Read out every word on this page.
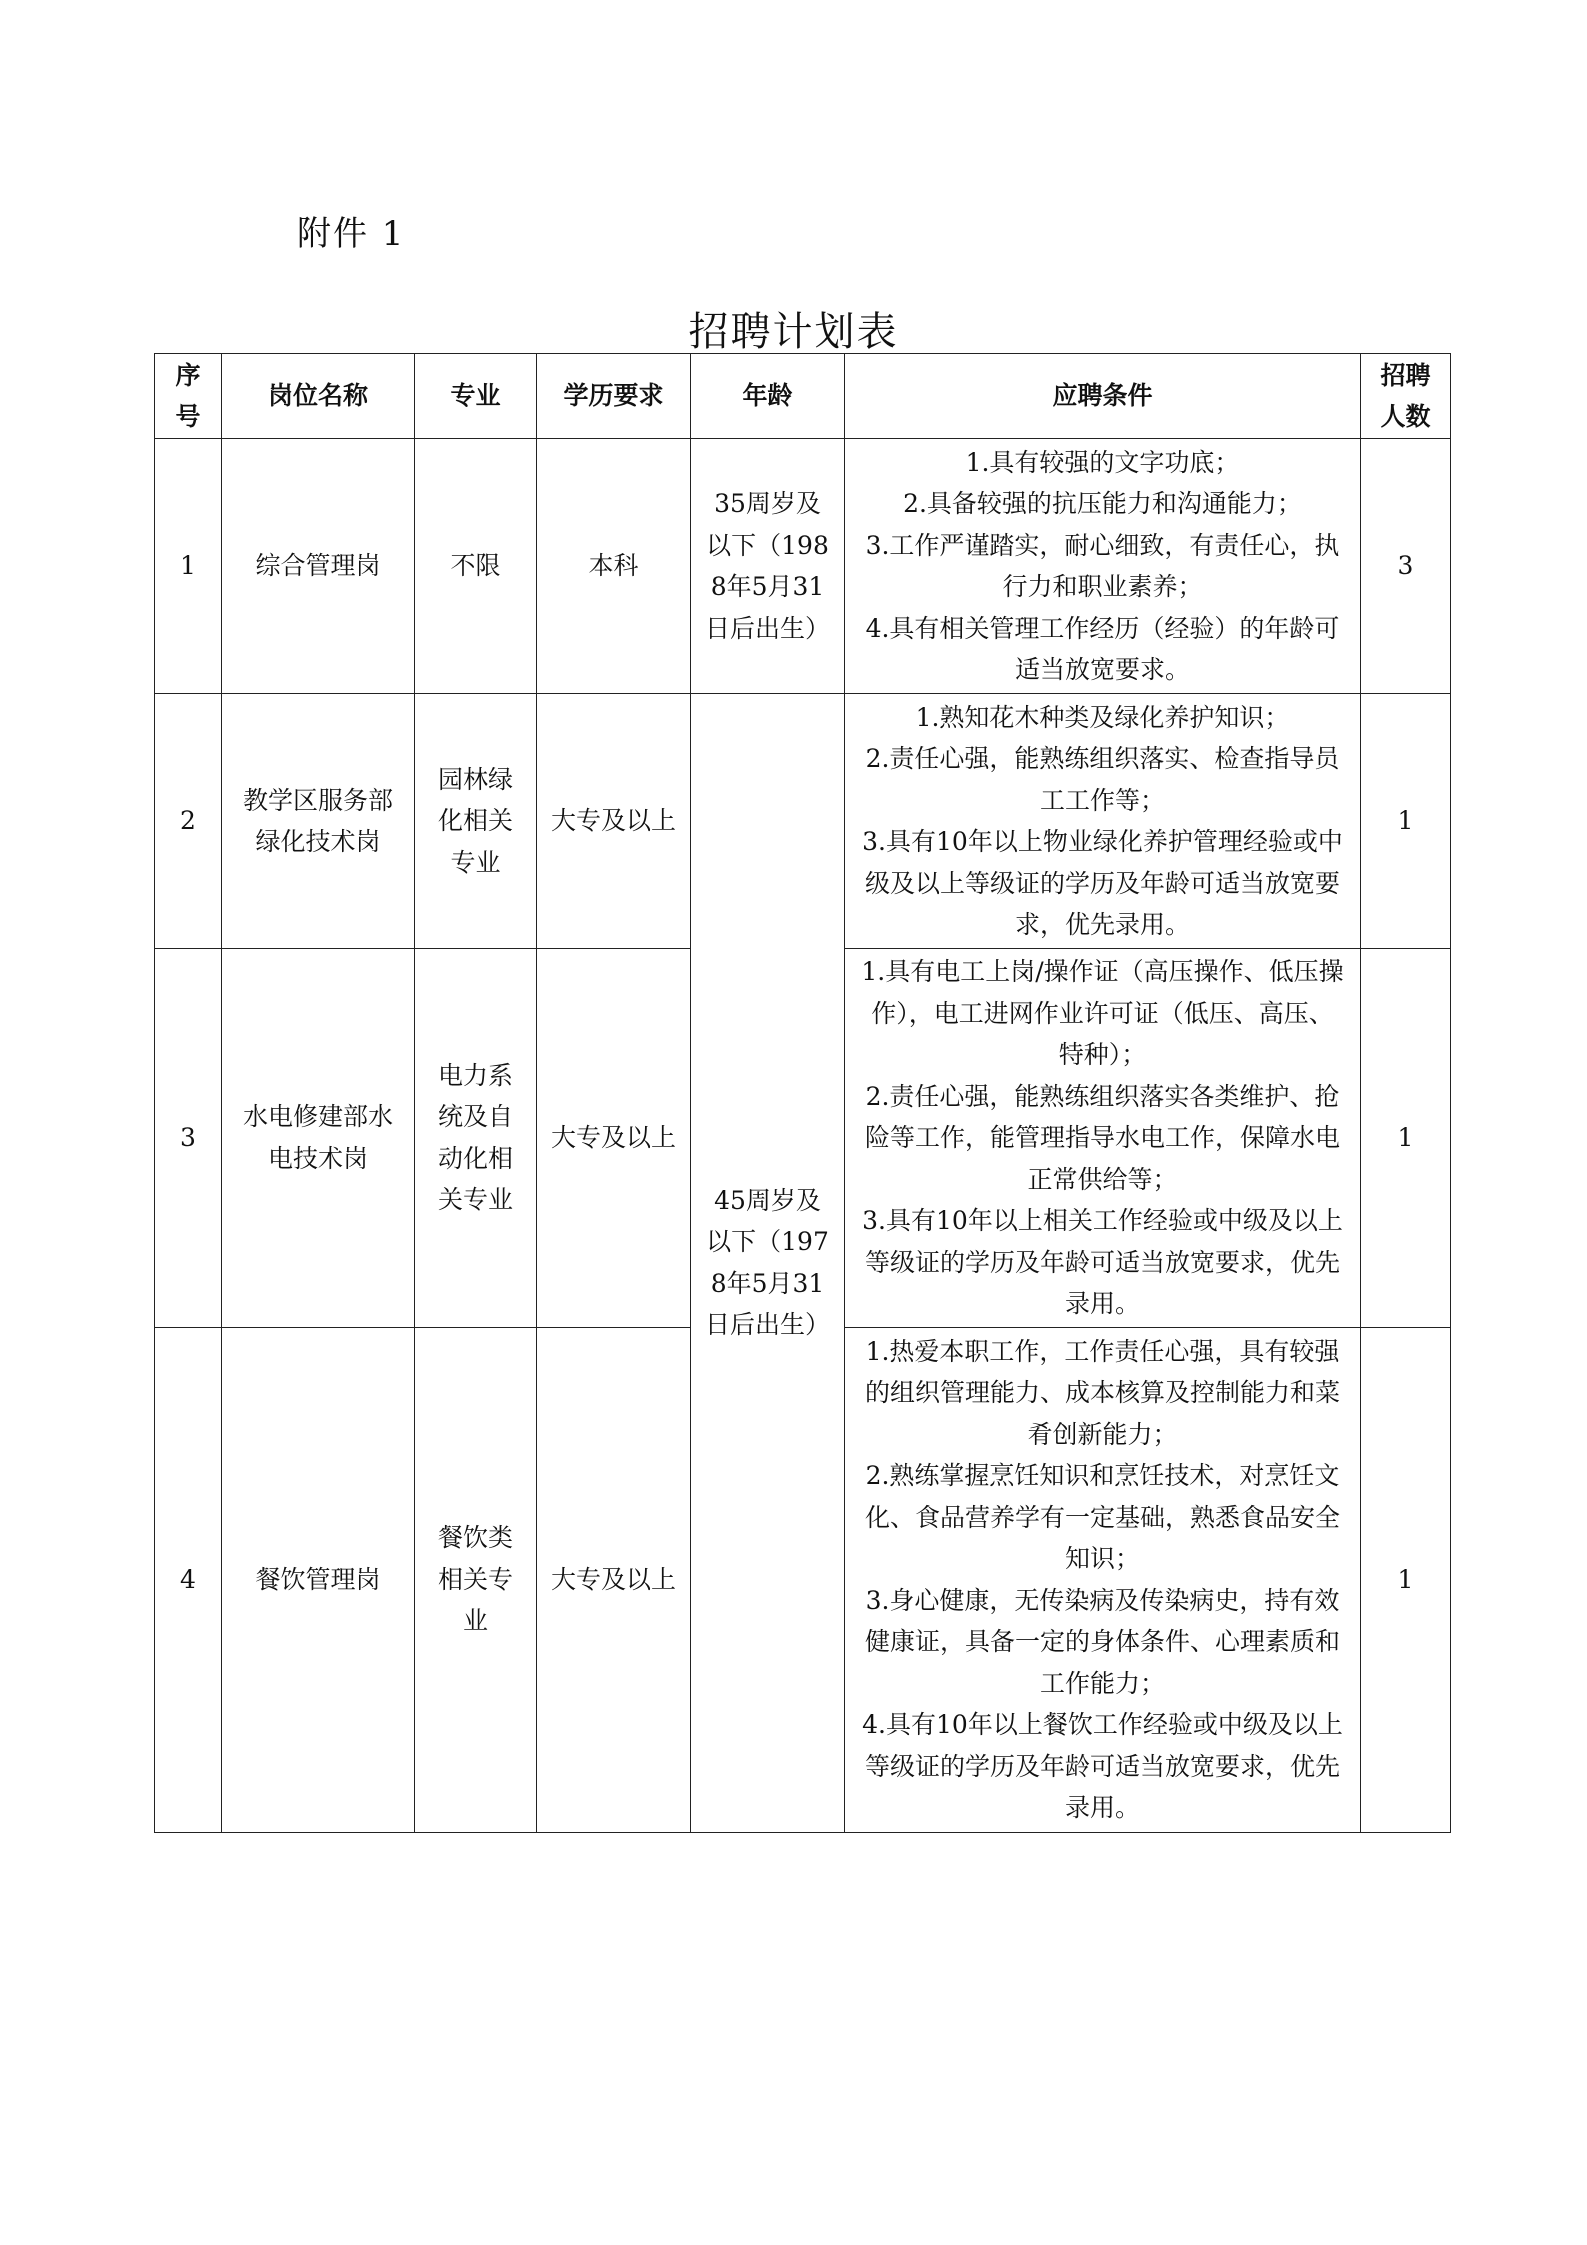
附件 1
招聘计划表
序号	岗位名称	专业	学历要求	年龄	应聘条件	招聘人数
1	综合管理岗	不限	本科	35周岁及以下（1988年5月31日后出生）	1.具有较强的文字功底；
2.具备较强的抗压能力和沟通能力；
3.工作严谨踏实，耐心细致，有责任心，执行力和职业素养；
4.具有相关管理工作经历（经验）的年龄可适当放宽要求。	3
2	教学区服务部绿化技术岗	园林绿化相关专业	大专及以上	45周岁及以下（1978年5月31日后出生）	1.熟知花木种类及绿化养护知识；
2.责任心强，能熟练组织落实、检查指导员工工作等；
3.具有10年以上物业绿化养护管理经验或中级及以上等级证的学历及年龄可适当放宽要求，优先录用。	1
3	水电修建部水电技术岗	电力系统及自动化相关专业	大专及以上		1.具有电工上岗/操作证（高压操作、低压操作），电工进网作业许可证（低压、高压、特种）；
2.责任心强，能熟练组织落实各类维护、抢险等工作，能管理指导水电工作，保障水电正常供给等；
3.具有10年以上相关工作经验或中级及以上等级证的学历及年龄可适当放宽要求，优先录用。	1
4	餐饮管理岗	餐饮类相关专业	大专及以上		1.热爱本职工作，工作责任心强，具有较强的组织管理能力、成本核算及控制能力和菜肴创新能力；
2.熟练掌握烹饪知识和烹饪技术，对烹饪文化、食品营养学有一定基础，熟悉食品安全知识；
3.身心健康，无传染病及传染病史，持有效健康证，具备一定的身体条件、心理素质和工作能力；
4.具有10年以上餐饮工作经验或中级及以上等级证的学历及年龄可适当放宽要求，优先录用。	1
